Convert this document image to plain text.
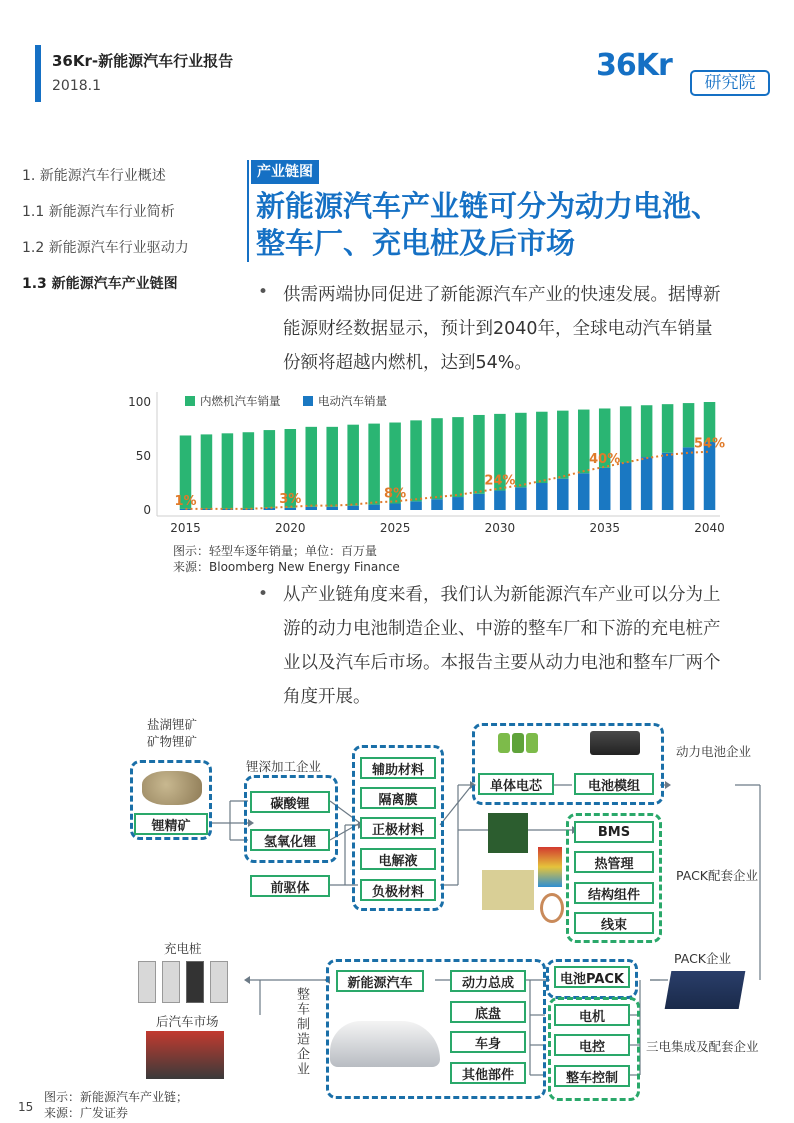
36Kr-新能源汽车行业报告
2018.1
36Kr	研究院
1. 新能源汽车行业概述
1.1 新能源汽车行业简析
1.2 新能源汽车行业驱动力
1.3 新能源汽车产业链图
产业链图
新能源汽车产业链可分为动力电池、整车厂、充电桩及后市场
• 供需两端协同促进了新能源汽车产业的快速发展。据博新能源财经数据显示，预计到2040年，全球电动汽车销量份额将超越内燃机，达到54%。
0
50
100
1%	3%	8%
24%
40%
54%
2015	2020	2025	2030	2035	2040
内燃机汽车销量	电动汽车销量
图示：轻型车逐年销量；单位：百万量
来源：Bloomberg New Energy Finance
• 从产业链角度来看，我们认为新能源汽车产业可以分为上游的动力电池制造企业、中游的整车厂和下游的充电桩产业以及汽车后市场。本报告主要从动力电池和整车厂两个角度开展。
盐湖锂矿
矿物锂矿
锂精矿
锂深加工企业
碳酸锂
氢氧化锂
前驱体
辅助材料
隔离膜
正极材料
电解液
负极材料
单体电芯	电池模组
动力电池企业
BMS
热管理
结构组件
线束
PACK配套企业
PACK企业
电池PACK
电机
电控
整车控制
三电集成及配套企业
新能源汽车	动力总成
底盘
车身
其他部件
充电桩
后汽车市场	整车制造企业
15
图示：新能源汽车产业链；
来源：广发证券
